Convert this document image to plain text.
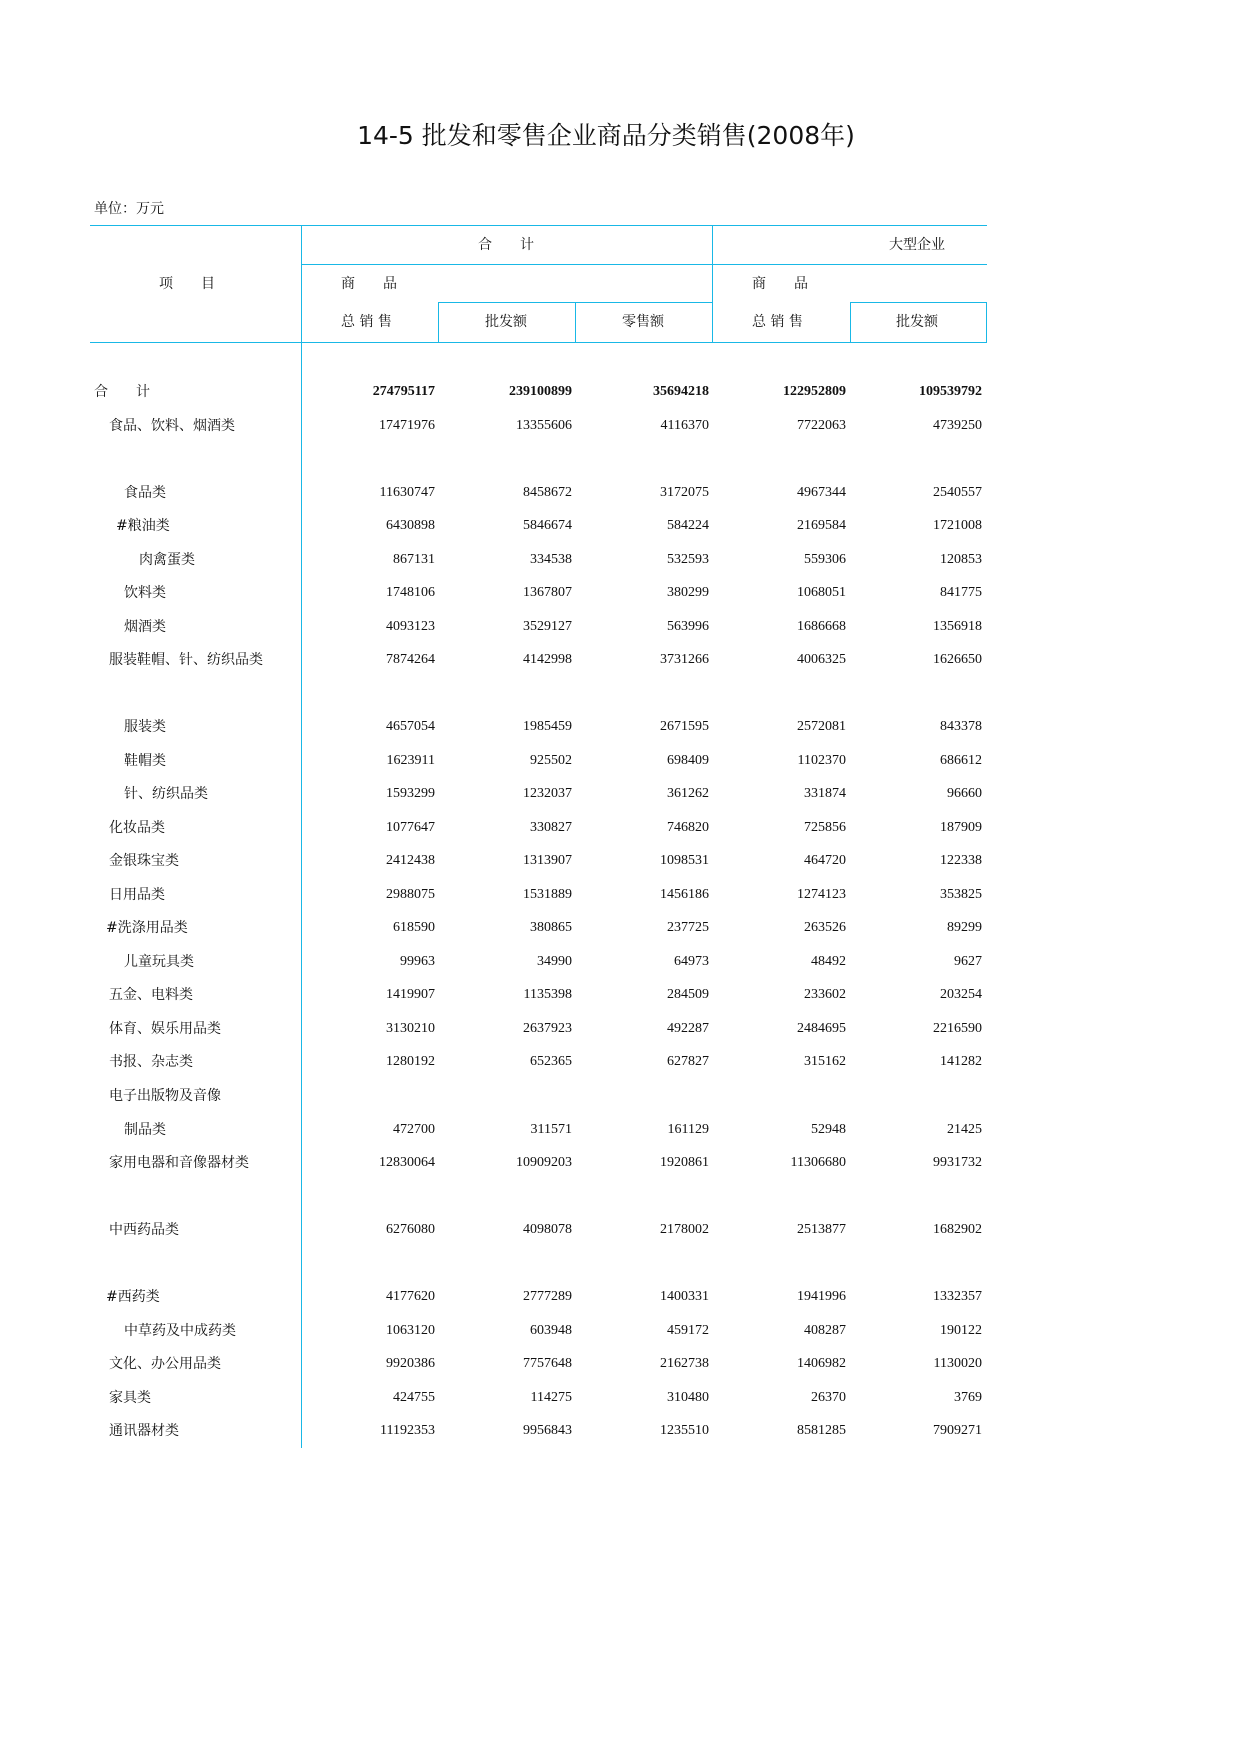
14-5 批发和零售企业商品分类销售(2008年)
单位：万元
项　　目
合　　计	大型企业
商　　品
总 销 售	批发额	零售额
商　　品
总 销 售	批发额
合　　计	274795117	239100899	35694218	122952809	109539792
食品、饮料、烟酒类	17471976	13355606	4116370	7722063	4739250
食品类	11630747	8458672	3172075	4967344	2540557
#粮油类	6430898	5846674	584224	2169584	1721008
肉禽蛋类	867131	334538	532593	559306	120853
饮料类	1748106	1367807	380299	1068051	841775
烟酒类	4093123	3529127	563996	1686668	1356918
服装鞋帽、针、纺织品类	7874264	4142998	3731266	4006325	1626650
服装类	4657054	1985459	2671595	2572081	843378
鞋帽类	1623911	925502	698409	1102370	686612
针、纺织品类	1593299	1232037	361262	331874	96660
化妆品类	1077647	330827	746820	725856	187909
金银珠宝类	2412438	1313907	1098531	464720	122338
日用品类	2988075	1531889	1456186	1274123	353825
#洗涤用品类	618590	380865	237725	263526	89299
儿童玩具类	99963	34990	64973	48492	9627
五金、电料类	1419907	1135398	284509	233602	203254
体育、娱乐用品类	3130210	2637923	492287	2484695	2216590
书报、杂志类	1280192	652365	627827	315162	141282
电子出版物及音像
制品类	472700	311571	161129	52948	21425
家用电器和音像器材类	12830064	10909203	1920861	11306680	9931732
中西药品类	6276080	4098078	2178002	2513877	1682902
#西药类	4177620	2777289	1400331	1941996	1332357
中草药及中成药类	1063120	603948	459172	408287	190122
文化、办公用品类	9920386	7757648	2162738	1406982	1130020
家具类	424755	114275	310480	26370	3769
通讯器材类	11192353	9956843	1235510	8581285	7909271
